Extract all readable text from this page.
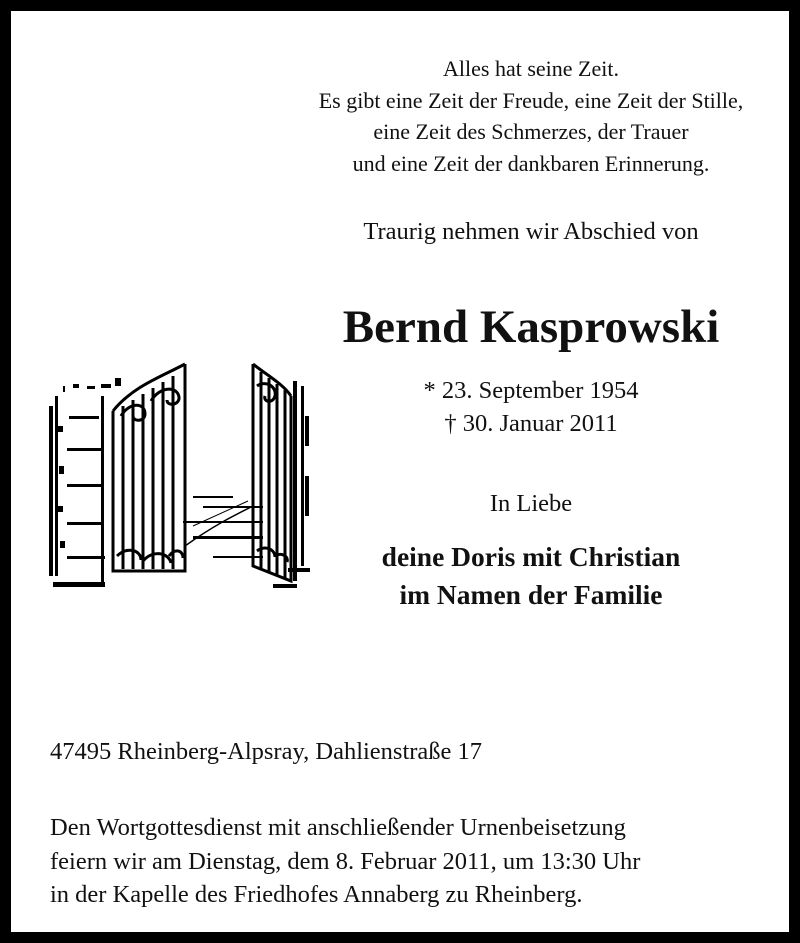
Alles hat seine Zeit.
Es gibt eine Zeit der Freude, eine Zeit der Stille,
eine Zeit des Schmerzes, der Trauer
und eine Zeit der dankbaren Erinnerung.
Traurig nehmen wir Abschied von
Bernd Kasprowski
* 23. September 1954
† 30. Januar 2011
In Liebe
deine Doris mit Christian
im Namen der Familie
47495 Rheinberg-Alpsray, Dahlienstraße 17
Den Wortgottesdienst mit anschließender Urnenbeisetzung
feiern wir am Dienstag, dem 8. Februar 2011, um 13:30 Uhr
in der Kapelle des Friedhofes Annaberg zu Rheinberg.
